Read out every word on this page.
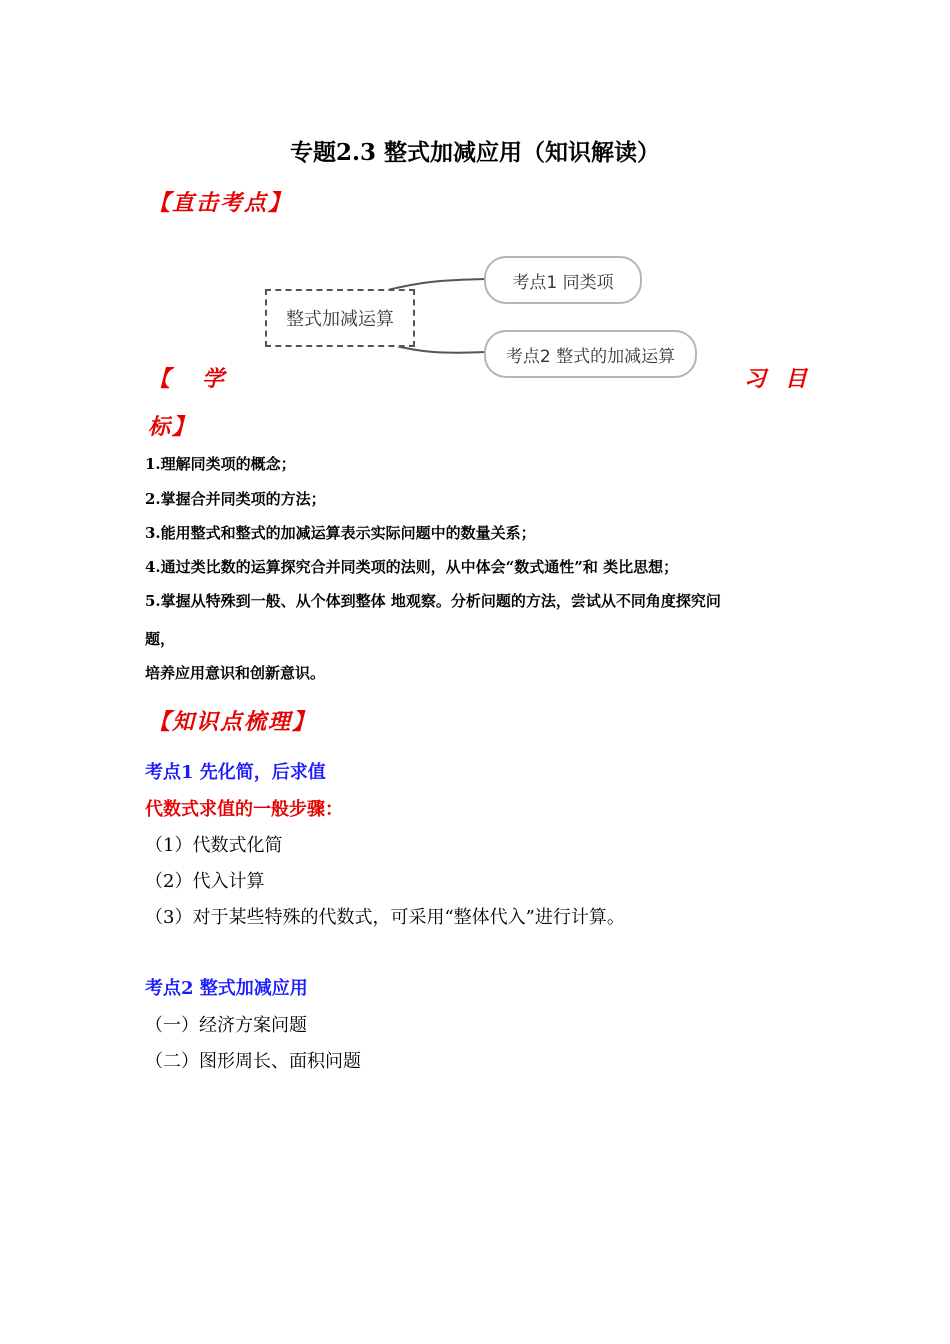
专题2.3 整式加减应用（知识解读）
【直击考点】
整式加减运算
考点1 同类项
考点2 整式的加减运算
【 学	习 目
标】
1.理解同类项的概念；
2.掌握合并同类项的方法；
3.能用整式和整式的加减运算表示实际问题中的数量关系；
4.通过类比数的运算探究合并同类项的法则，从中体会“数式通性”和 类比思想；
5.掌握从特殊到一般、从个体到整体 地观察。分析问题的方法，尝试从不同角度探究问
题，
培养应用意识和创新意识。
【知识点梳理】
考点1 先化简，后求值
代数式求值的一般步骤：
（1）代数式化简
（2）代入计算
（3）对于某些特殊的代数式，可采用“整体代入”进行计算。
考点2 整式加减应用
（一）经济方案问题
（二）图形周长、面积问题
